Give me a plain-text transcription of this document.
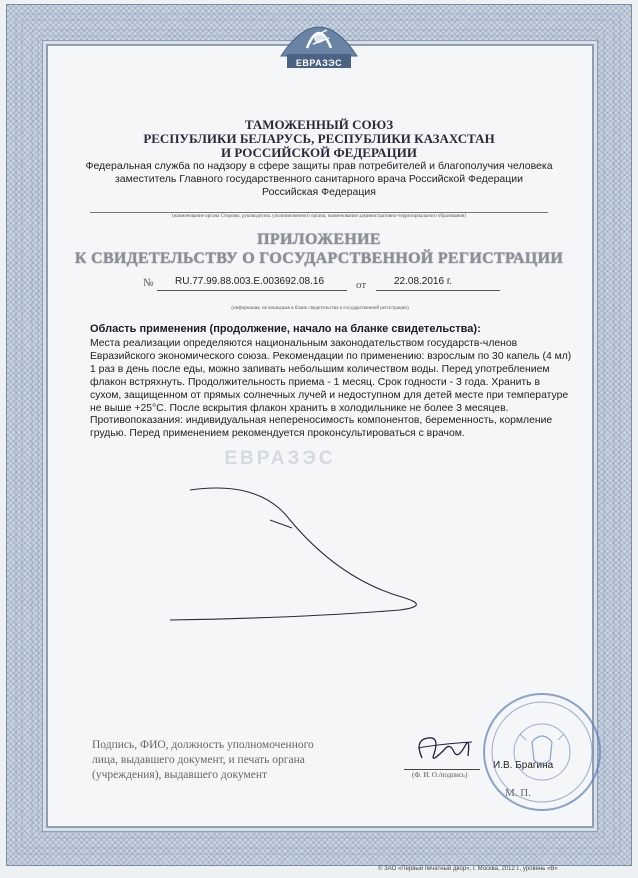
ЕВРАЗЭС
ТАМОЖЕННЫЙ СОЮЗ
РЕСПУБЛИКИ БЕЛАРУСЬ, РЕСПУБЛИКИ КАЗАХСТАН
И РОССИЙСКОЙ ФЕДЕРАЦИИ
Федеральная служба по надзору в сфере защиты прав потребителей и благополучия человека
заместитель Главного государственного санитарного врача Российской Федерации
Российская Федерация
(наименование органа Стороны, руководитель уполномоченного органа, наименование административно-территориального образования)
ПРИЛОЖЕНИЕ
К СВИДЕТЕЛЬСТВУ О ГОСУДАРСТВЕННОЙ РЕГИСТРАЦИИ
№	RU.77.99.88.003.Е.003692.08.16	от	22.08.2016 г.
(информация, не вошедшая в бланк свидетельства о государственной регистрации)
Область применения (продолжение, начало на бланке свидетельства):
Места реализации определяются национальным законодательством государств-членов Евразийского экономического союза. Рекомендации по применению: взрослым по 30 капель (4 мл) 1 раз в день после еды, можно запивать небольшим количеством воды. Перед употреблением флакон встряхнуть. Продолжительность приема - 1 месяц. Срок годности - 3 года. Хранить в сухом, защищенном от прямых солнечных лучей и недоступном для детей месте при температуре не выше +25°С. После вскрытия флакон хранить в холодильнике не более 3 месяцев. Противопоказания: индивидуальная непереносимость компонентов, беременность, кормление грудью. Перед применением рекомендуется проконсультироваться с врачом.
ЕВРАЗЭС
Подпись, ФИО, должность уполномоченного
лица, выдавшего документ, и печать органа
(учреждения), выдавшего документ	(Ф. И. О./подпись)
И.В. Брагина
М. П.
© ЗАО «Первый печатный двор», г. Москва, 2012 г., уровень «В»
